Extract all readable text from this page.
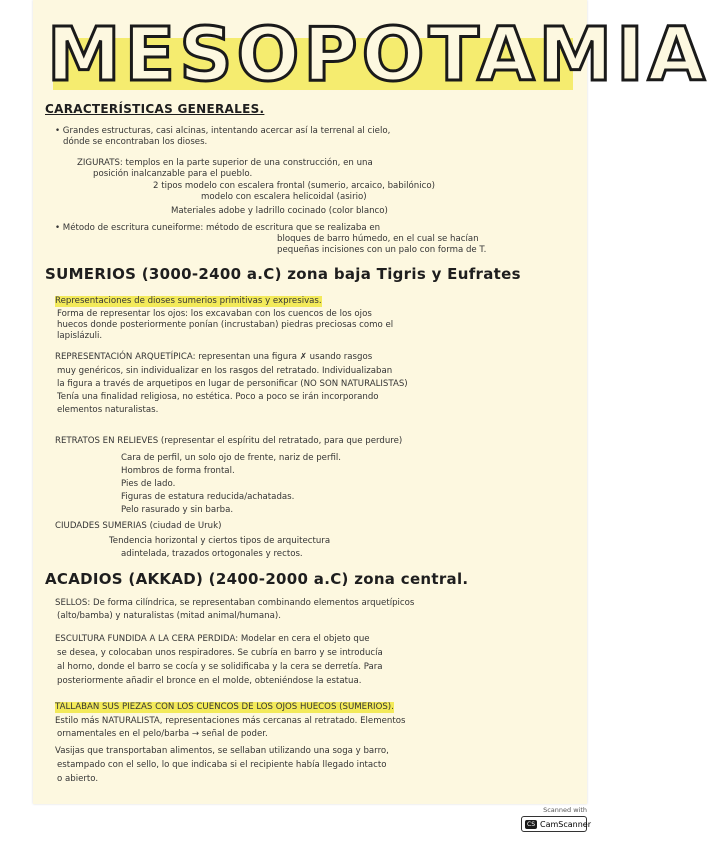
MESOPOTAMIA
CARACTERÍSTICAS GENERALES.
• Grandes estructuras, casi alcinas, intentando acercar así la terrenal al cielo,
dónde se encontraban los dioses.
ZIGURATS: templos en la parte superior de una construcción, en una
posición inalcanzable para el pueblo.
2 tipos modelo con escalera frontal (sumerio, arcaico, babilónico)
modelo con escalera helicoidal (asirio)
Materiales adobe y ladrillo cocinado (color blanco)
• Método de escritura cuneiforme: método de escritura que se realizaba en
bloques de barro húmedo, en el cual se hacían
pequeñas incisiones con un palo con forma de T.
SUMERIOS (3000-2400 a.C) zona baja Tigris y Eufrates
Representaciones de dioses sumerios primitivas y expresivas.
Forma de representar los ojos: los excavaban con los cuencos de los ojos
huecos donde posteriormente ponían (incrustaban) piedras preciosas como el
lapislázuli.
REPRESENTACIÓN ARQUETÍPICA: representan una figura ✗ usando rasgos
muy genéricos, sin individualizar en los rasgos del retratado. Individualizaban
la figura a través de arquetipos en lugar de personificar (NO SON NATURALISTAS)
Tenía una finalidad religiosa, no estética. Poco a poco se irán incorporando
elementos naturalistas.
RETRATOS EN RELIEVES (representar el espíritu del retratado, para que perdure)
Cara de perfil, un solo ojo de frente, nariz de perfil.
Hombros de forma frontal.
Pies de lado.
Figuras de estatura reducida/achatadas.
Pelo rasurado y sin barba.
CIUDADES SUMERIAS (ciudad de Uruk)
Tendencia horizontal y ciertos tipos de arquitectura
adintelada, trazados ortogonales y rectos.
ACADIOS (AKKAD) (2400-2000 a.C) zona central.
SELLOS: De forma cilíndrica, se representaban combinando elementos arquetípicos
(alto/bamba) y naturalistas (mitad animal/humana).
ESCULTURA FUNDIDA A LA CERA PERDIDA: Modelar en cera el objeto que
se desea, y colocaban unos respiradores. Se cubría en barro y se introducía
al horno, donde el barro se cocía y se solidificaba y la cera se derretía. Para
posteriormente añadir el bronce en el molde, obteniéndose la estatua.
TALLABAN SUS PIEZAS CON LOS CUENCOS DE LOS OJOS HUECOS (SUMERIOS).
Estilo más NATURALISTA, representaciones más cercanas al retratado. Elementos
ornamentales en el pelo/barba → señal de poder.
Vasijas que transportaban alimentos, se sellaban utilizando una soga y barro,
estampado con el sello, lo que indicaba si el recipiente había llegado intacto
o abierto.
Scanned with
CS CamScanner
